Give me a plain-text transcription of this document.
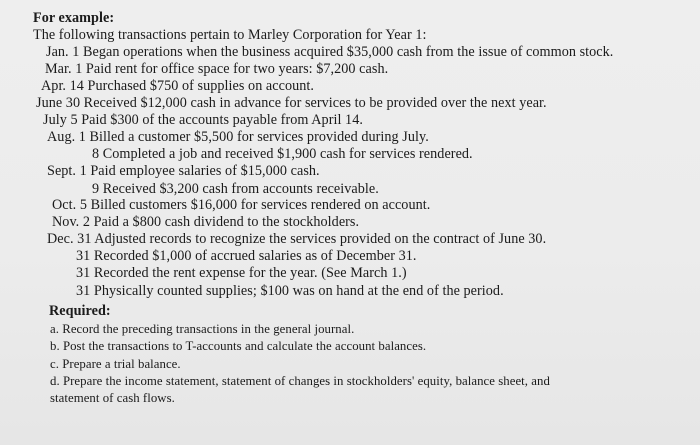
For example:
The following transactions pertain to Marley Corporation for Year 1:
Jan. 1 Began operations when the business acquired $35,000 cash from the issue of common stock.
Mar. 1 Paid rent for office space for two years: $7,200 cash.
Apr. 14 Purchased $750 of supplies on account.
June 30 Received $12,000 cash in advance for services to be provided over the next year.
July 5 Paid $300 of the accounts payable from April 14.
Aug. 1 Billed a customer $5,500 for services provided during July.
8 Completed a job and received $1,900 cash for services rendered.
Sept. 1 Paid employee salaries of $15,000 cash.
9 Received $3,200 cash from accounts receivable.
Oct. 5 Billed customers $16,000 for services rendered on account.
Nov. 2 Paid a $800 cash dividend to the stockholders.
Dec. 31 Adjusted records to recognize the services provided on the contract of June 30.
31 Recorded $1,000 of accrued salaries as of December 31.
31 Recorded the rent expense for the year. (See March 1.)
31 Physically counted supplies; $100 was on hand at the end of the period.
Required:
a. Record the preceding transactions in the general journal.
b. Post the transactions to T-accounts and calculate the account balances.
c. Prepare a trial balance.
d. Prepare the income statement, statement of changes in stockholders' equity, balance sheet, and
statement of cash flows.
